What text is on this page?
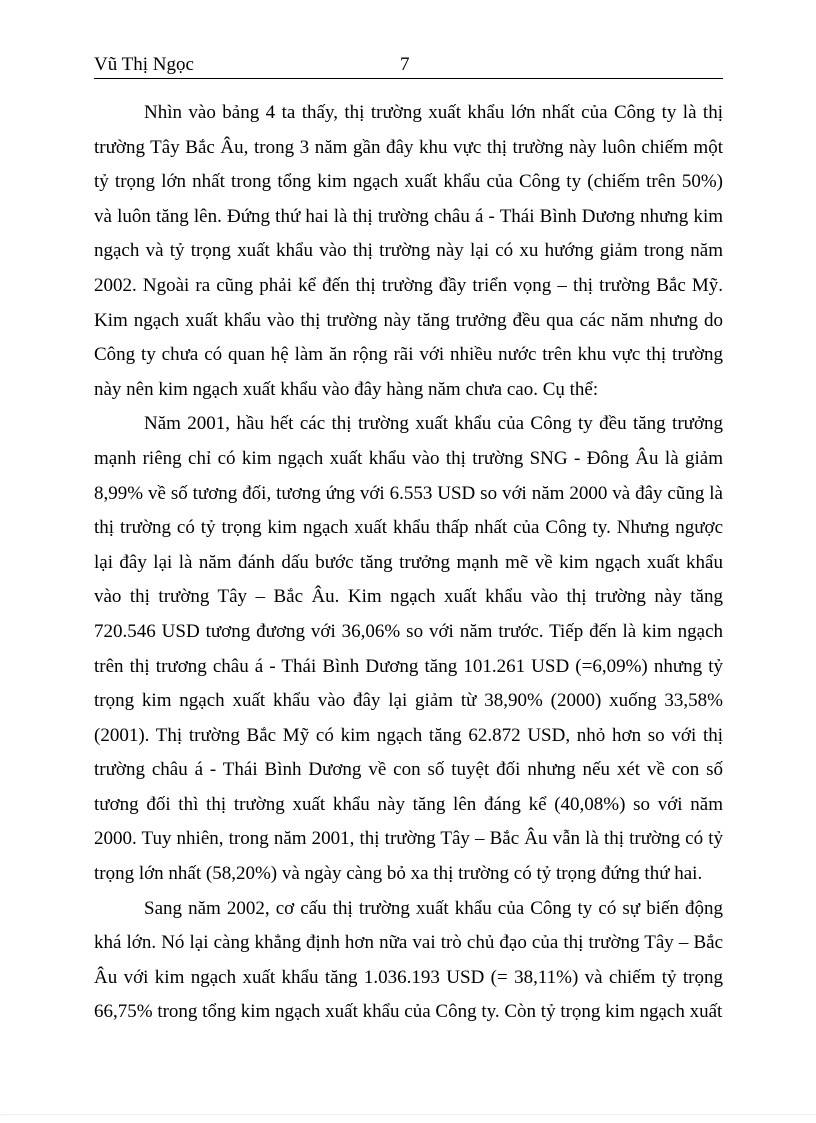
Vũ Thị Ngọc	7

Nhìn vào bảng 4 ta thấy, thị trường xuất khẩu lớn nhất của Công ty là thị trường Tây Bắc Âu, trong 3 năm gần đây khu vực thị trường này luôn chiếm một tỷ trọng lớn nhất trong tổng kim ngạch xuất khẩu của Công ty (chiếm trên 50%) và luôn tăng lên. Đứng thứ hai là thị trường châu á - Thái Bình Dương nhưng kim ngạch và tỷ trọng xuất khẩu vào thị trường này lại có xu hướng giảm trong năm 2002. Ngoài ra cũng phải kể đến thị trường đầy triển vọng – thị trường Bắc Mỹ. Kim ngạch xuất khẩu vào thị trường này tăng trưởng đều qua các năm nhưng do Công ty chưa có quan hệ làm ăn rộng rãi với nhiều nước trên khu vực thị trường này nên kim ngạch xuất khẩu vào đây hàng năm chưa cao. Cụ thể:

Năm 2001, hầu hết các thị trường xuất khẩu của Công ty đều tăng trưởng mạnh riêng chỉ có kim ngạch xuất khẩu vào thị trường SNG - Đông Âu là giảm 8,99% về số tương đối, tương ứng với 6.553 USD so với năm 2000 và đây cũng là thị trường có tỷ trọng kim ngạch xuất khẩu thấp nhất của Công ty. Nhưng ngược lại đây lại là năm đánh dấu bước tăng trưởng mạnh mẽ về kim ngạch xuất khẩu vào thị trường Tây – Bắc Âu. Kim ngạch xuất khẩu vào thị trường này tăng 720.546 USD tương đương với 36,06% so với năm trước. Tiếp đến là kim ngạch trên thị trương châu á - Thái Bình Dương tăng 101.261 USD (=6,09%) nhưng tỷ trọng kim ngạch xuất khẩu vào đây lại giảm từ 38,90% (2000) xuống 33,58% (2001). Thị trường Bắc Mỹ có kim ngạch tăng 62.872 USD, nhỏ hơn so với thị trường châu á - Thái Bình Dương về con số tuyệt đối nhưng nếu xét về con số tương đối thì thị trường xuất khẩu này tăng lên đáng kể (40,08%) so với năm 2000. Tuy nhiên, trong năm 2001, thị trường Tây – Bắc Âu vẫn là thị trường có tỷ trọng lớn nhất (58,20%) và ngày càng bỏ xa thị trường có tỷ trọng đứng thứ hai.

Sang năm 2002, cơ cấu thị trường xuất khẩu của Công ty có sự biến động khá lớn. Nó lại càng khẳng định hơn nữa vai trò chủ đạo của thị trường Tây – Bắc Âu với kim ngạch xuất khẩu tăng 1.036.193 USD (= 38,11%) và chiếm tỷ trọng 66,75% trong tổng kim ngạch xuất khẩu của Công ty. Còn tỷ trọng kim ngạch xuất
